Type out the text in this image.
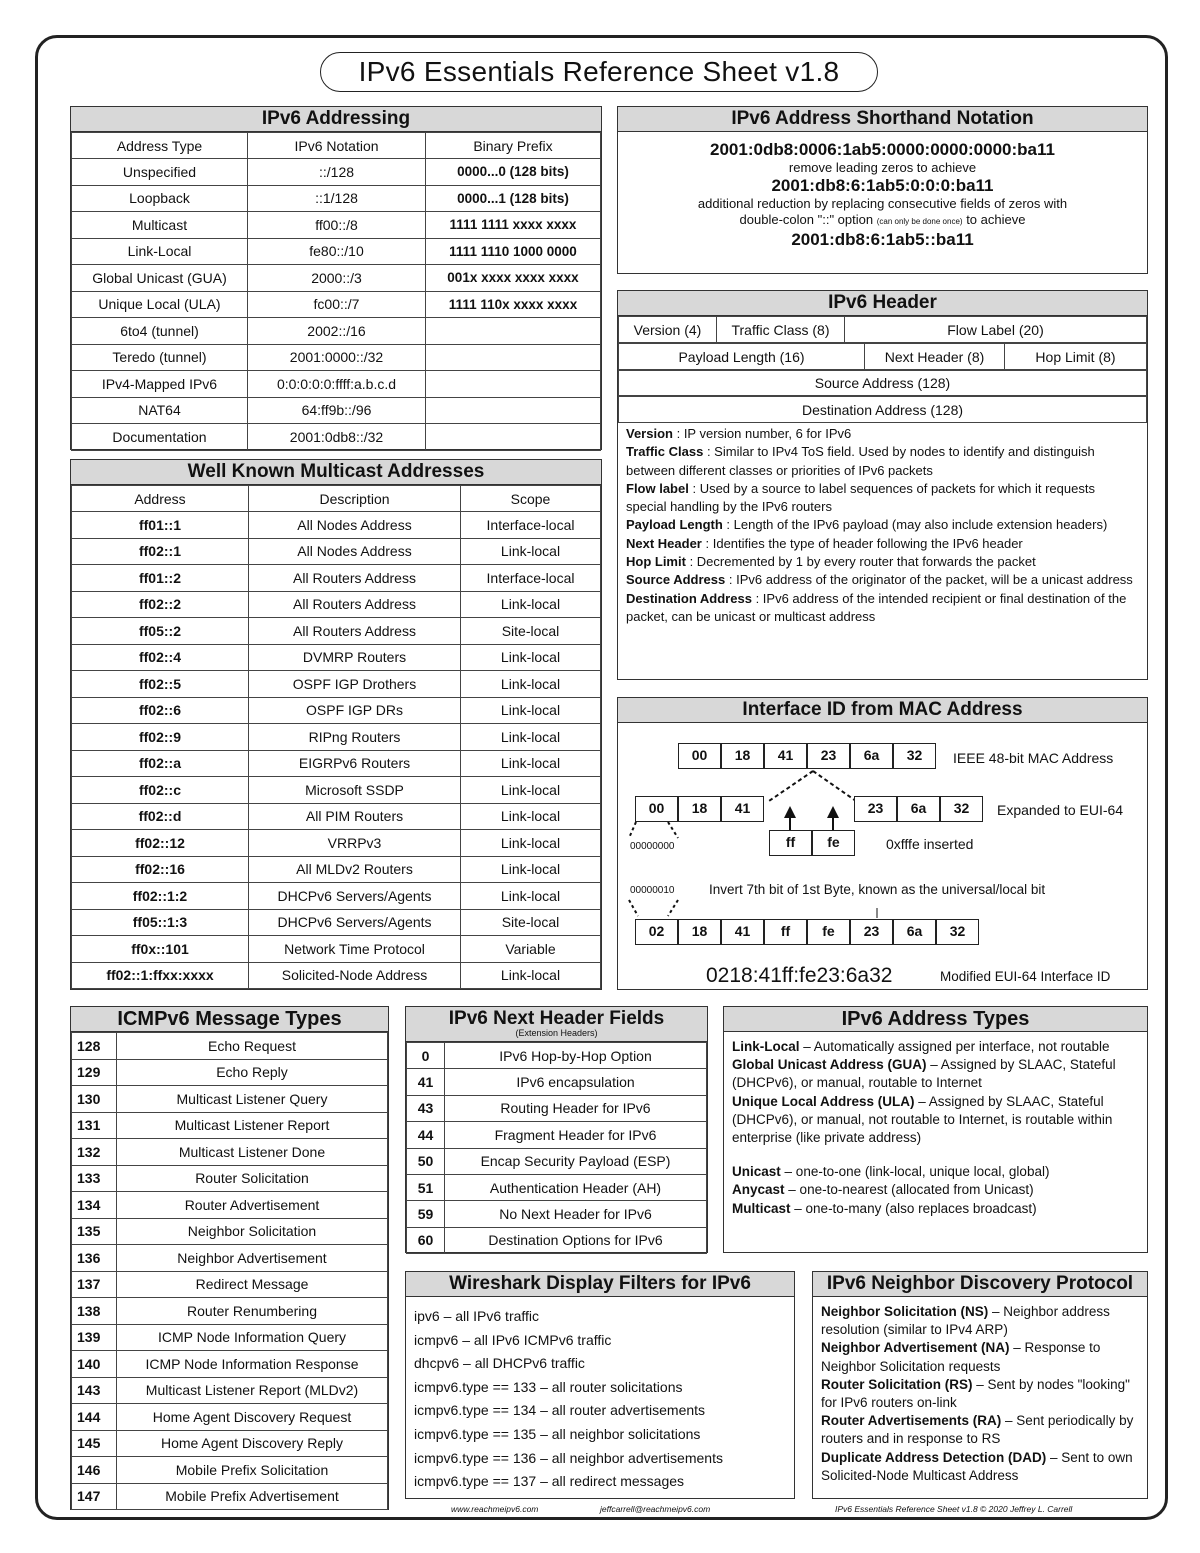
IPv6 Essentials Reference Sheet v1.8
IPv6 Addressing
Address Type	IPv6 Notation	Binary Prefix
Unspecified	::/128	0000...0 (128 bits)
Loopback	::1/128	0000...1 (128 bits)
Multicast	ff00::/8	1111 1111 xxxx xxxx
Link-Local	fe80::/10	1111 1110 1000 0000
Global Unicast (GUA)	2000::/3	001x xxxx xxxx xxxx
Unique Local (ULA)	fc00::/7	1111 110x xxxx xxxx
6to4 (tunnel)	2002::/16	
Teredo (tunnel)	2001:0000::/32	
IPv4-Mapped IPv6	0:0:0:0:0:ffff:a.b.c.d	
NAT64	64:ff9b::/96	
Documentation	2001:0db8::/32	
Well Known Multicast Addresses
Address	Description	Scope
ff01::1	All Nodes Address	Interface-local
ff02::1	All Nodes Address	Link-local
ff01::2	All Routers Address	Interface-local
ff02::2	All Routers Address	Link-local
ff05::2	All Routers Address	Site-local
ff02::4	DVMRP Routers	Link-local
ff02::5	OSPF IGP Drothers	Link-local
ff02::6	OSPF IGP DRs	Link-local
ff02::9	RIPng Routers	Link-local
ff02::a	EIGRPv6 Routers	Link-local
ff02::c	Microsoft SSDP	Link-local
ff02::d	All PIM Routers	Link-local
ff02::12	VRRPv3	Link-local
ff02::16	All MLDv2 Routers	Link-local
ff02::1:2	DHCPv6 Servers/Agents	Link-local
ff05::1:3	DHCPv6 Servers/Agents	Site-local
ff0x::101	Network Time Protocol	Variable
ff02::1:ffxx:xxxx	Solicited-Node Address	Link-local
IPv6 Address Shorthand Notation
2001:0db8:0006:1ab5:0000:0000:0000:ba11
remove leading zeros to achieve
2001:db8:6:1ab5:0:0:0:ba11
additional reduction by replacing consecutive fields of zeros with
double-colon "::" option (can only be done once) to achieve
2001:db8:6:1ab5::ba11
IPv6 Header
Version (4)	Traffic Class (8)	Flow Label (20)
Payload Length (16)	Next Header (8)	Hop Limit (8)
Source Address (128)
Destination Address (128)
Version : IP version number, 6 for IPv6
Traffic Class : Similar to IPv4 ToS field. Used by nodes to identify and distinguish between different classes or priorities of IPv6 packets
Flow label : Used by a source to label sequences of packets for which it requests special handling by the IPv6 routers
Payload Length : Length of the IPv6 payload (may also include extension headers)
Next Header : Identifies the type of header following the IPv6 header
Hop Limit : Decremented by 1 by every router that forwards the packet
Source Address : IPv6 address of the originator of the packet, will be a unicast address
Destination Address : IPv6 address of the intended recipient or final destination of the packet, can be unicast or multicast address
Interface ID from MAC Address
00	18	41	23	6a	32	IEEE 48-bit MAC Address
00	18	41	23	6a	32	Expanded to EUI-64
ff	fe	0xfffe inserted
00000000
00000010	Invert 7th bit of 1st Byte, known as the universal/local bit
02	18	41	ff	fe	23	6a	32
0218:41ff:fe23:6a32	Modified EUI-64 Interface ID
ICMPv6 Message Types
128	Echo Request
129	Echo Reply
130	Multicast Listener Query
131	Multicast Listener Report
132	Multicast Listener Done
133	Router Solicitation
134	Router Advertisement
135	Neighbor Solicitation
136	Neighbor Advertisement
137	Redirect Message
138	Router Renumbering
139	ICMP Node Information Query
140	ICMP Node Information Response
143	Multicast Listener Report (MLDv2)
144	Home Agent Discovery Request
145	Home Agent Discovery Reply
146	Mobile Prefix Solicitation
147	Mobile Prefix Advertisement
IPv6 Next Header Fields
(Extension Headers)
0	IPv6 Hop-by-Hop Option
41	IPv6 encapsulation
43	Routing Header for IPv6
44	Fragment Header for IPv6
50	Encap Security Payload (ESP)
51	Authentication Header (AH)
59	No Next Header for IPv6
60	Destination Options for IPv6
IPv6 Address Types
Link-Local – Automatically assigned per interface, not routable
Global Unicast Address (GUA) – Assigned by SLAAC, Stateful (DHCPv6), or manual, routable to Internet
Unique Local Address (ULA) – Assigned by SLAAC, Stateful (DHCPv6), or manual, not routable to Internet, is routable within enterprise (like private address)
Unicast – one-to-one (link-local, unique local, global)
Anycast – one-to-nearest (allocated from Unicast)
Multicast – one-to-many (also replaces broadcast)
Wireshark Display Filters for IPv6
ipv6 – all IPv6 traffic
icmpv6 – all IPv6 ICMPv6 traffic
dhcpv6 – all DHCPv6 traffic
icmpv6.type == 133 – all router solicitations
icmpv6.type == 134 – all router advertisements
icmpv6.type == 135 – all neighbor solicitations
icmpv6.type == 136 – all neighbor advertisements
icmpv6.type == 137 – all redirect messages
IPv6 Neighbor Discovery Protocol
Neighbor Solicitation (NS) – Neighbor address resolution (similar to IPv4 ARP)
Neighbor Advertisement (NA) – Response to Neighbor Solicitation requests
Router Solicitation (RS) – Sent by nodes "looking" for IPv6 routers on-link
Router Advertisements (RA) – Sent periodically by routers and in response to RS
Duplicate Address Detection (DAD) – Sent to own Solicited-Node Multicast Address
www.reachmeipv6.com	jeffcarrell@reachmeipv6.com	IPv6 Essentials Reference Sheet v1.8 © 2020 Jeffrey L. Carrell
